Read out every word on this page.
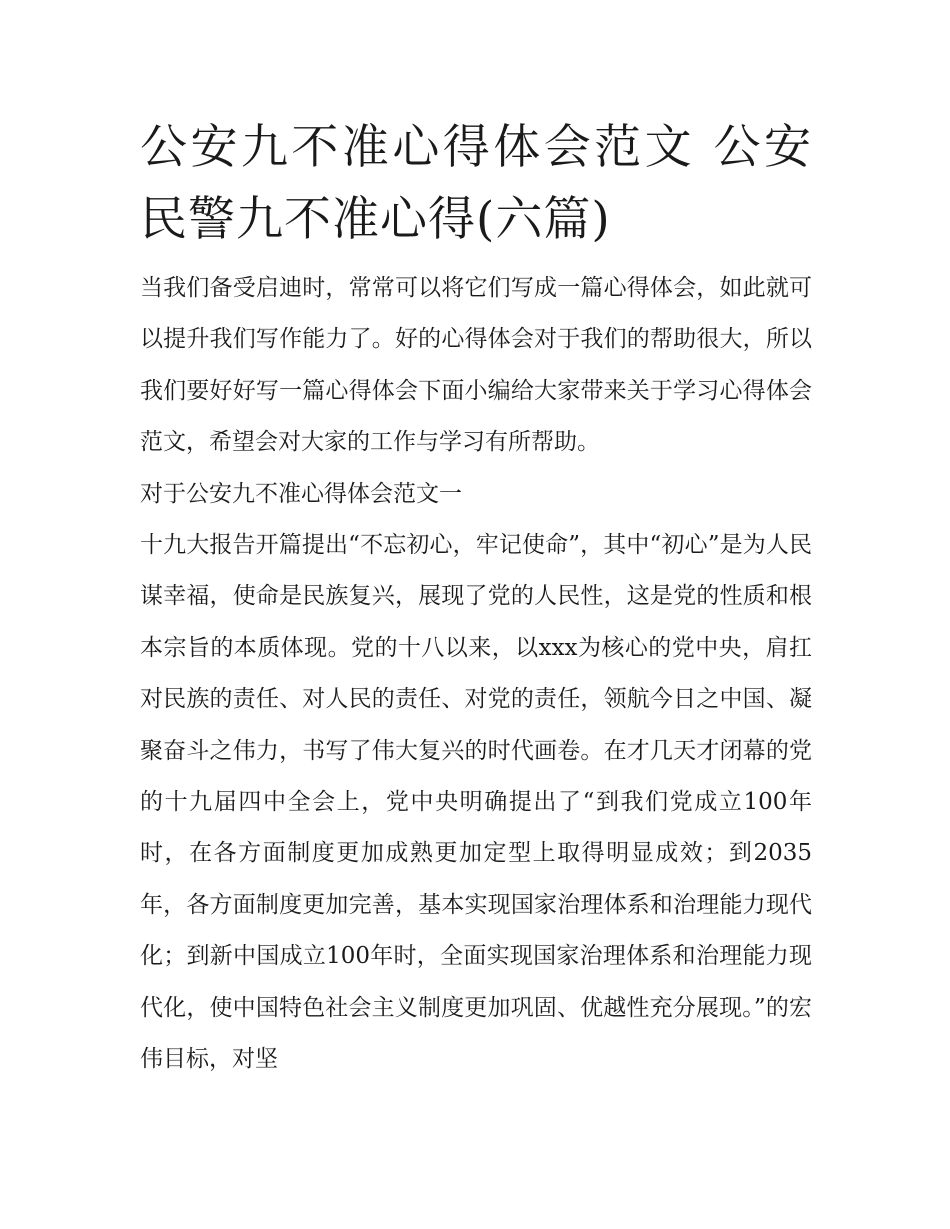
公安九不准心得体会范文 公安民警九不准心得(六篇)

当我们备受启迪时，常常可以将它们写成一篇心得体会，如此就可以提升我们写作能力了。好的心得体会对于我们的帮助很大，所以我们要好好写一篇心得体会下面小编给大家带来关于学习心得体会范文，希望会对大家的工作与学习有所帮助。

对于公安九不准心得体会范文一

十九大报告开篇提出“不忘初心，牢记使命”，其中“初心”是为人民谋幸福，使命是民族复兴，展现了党的人民性，这是党的性质和根本宗旨的本质体现。党的十八以来，以xxx为核心的党中央，肩扛对民族的责任、对人民的责任、对党的责任，领航今日之中国、凝聚奋斗之伟力，书写了伟大复兴的时代画卷。在才几天才闭幕的党的十九届四中全会上，党中央明确提出了“到我们党成立100年时，在各方面制度更加成熟更加定型上取得明显成效；到2035年，各方面制度更加完善，基本实现国家治理体系和治理能力现代化；到新中国成立100年时，全面实现国家治理体系和治理能力现代化，使中国特色社会主义制度更加巩固、优越性充分展现。”的宏伟目标，对坚
